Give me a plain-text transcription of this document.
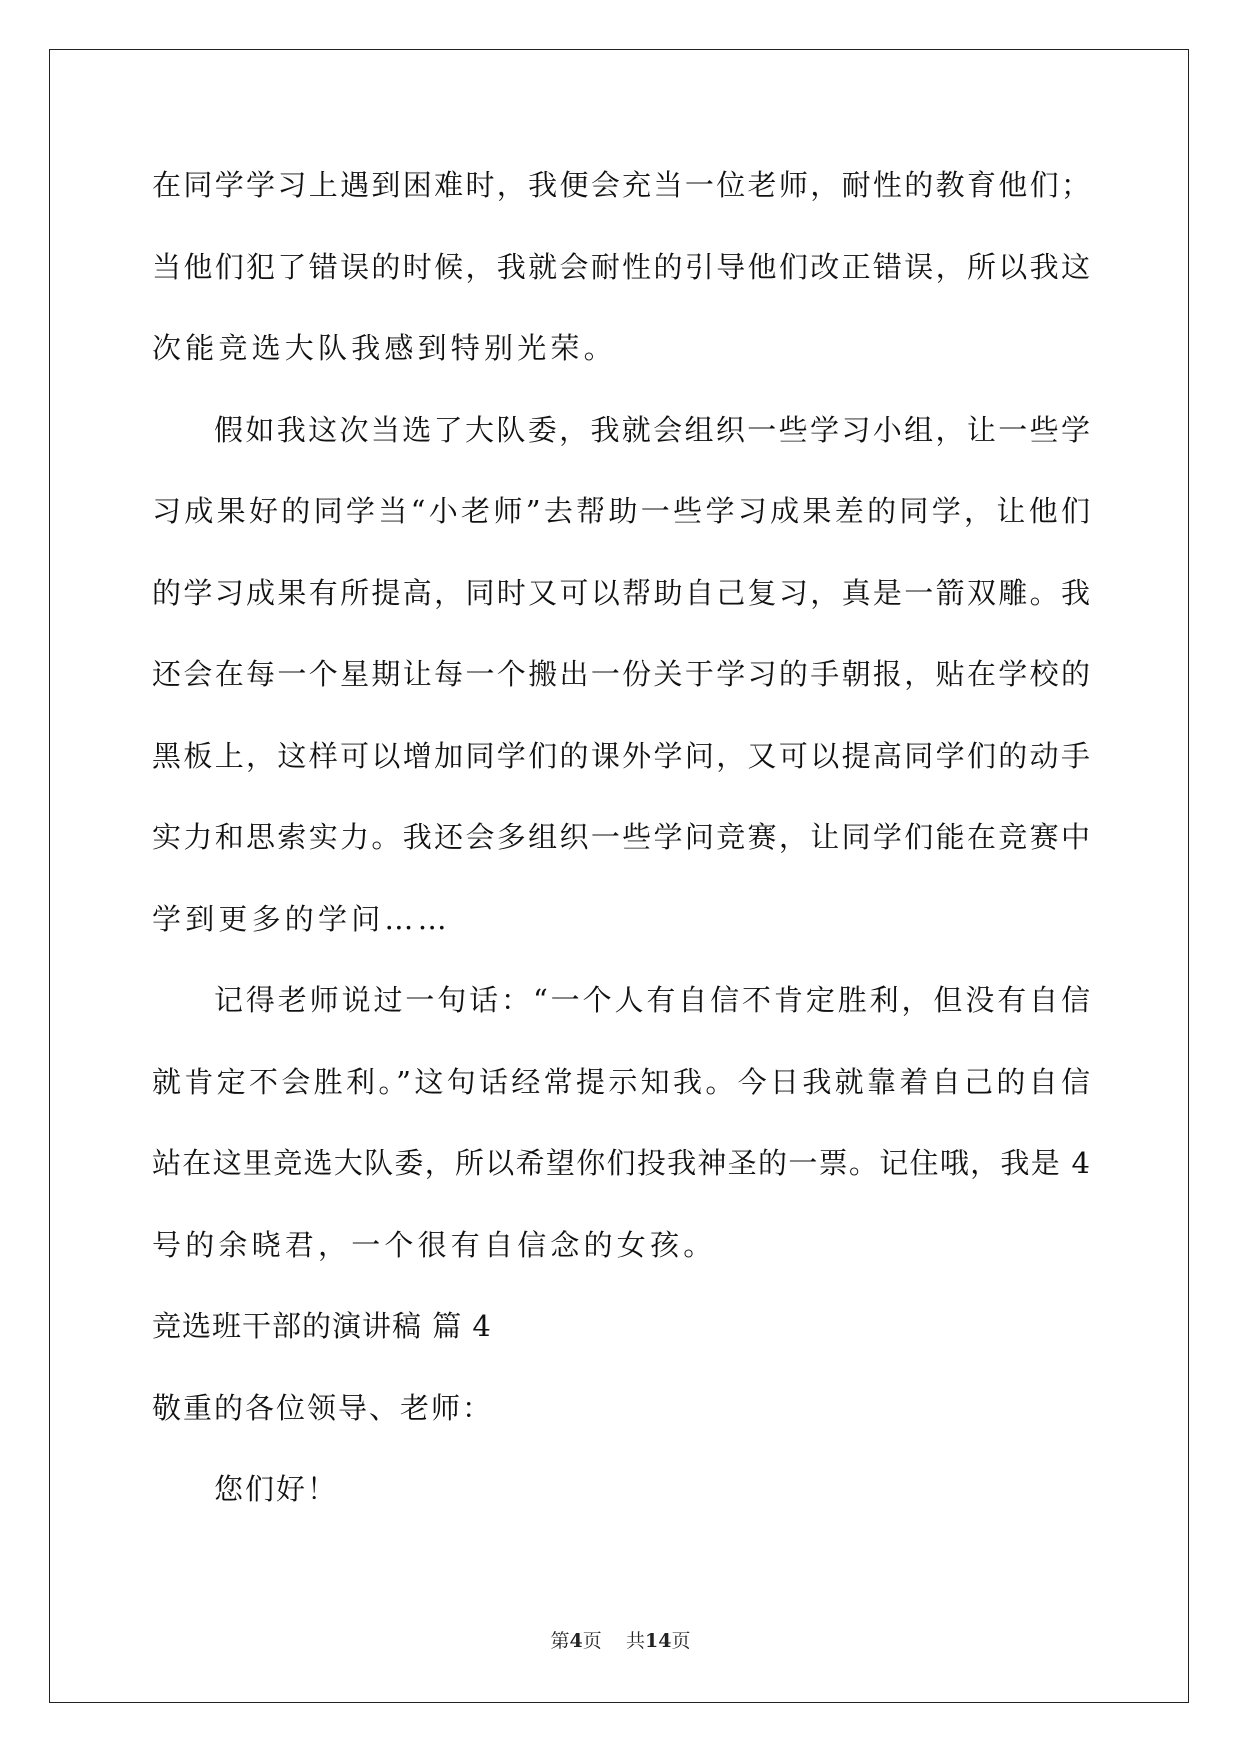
在同学学习上遇到困难时，我便会充当一位老师，耐性的教育他们；
当他们犯了错误的时候，我就会耐性的引导他们改正错误，所以我这
次能竞选大队我感到特别光荣。
假如我这次当选了大队委，我就会组织一些学习小组，让一些学
习成果好的同学当“小老师”去帮助一些学习成果差的同学，让他们
的学习成果有所提高，同时又可以帮助自己复习，真是一箭双雕。我
还会在每一个星期让每一个搬出一份关于学习的手朝报，贴在学校的
黑板上，这样可以增加同学们的课外学问，又可以提高同学们的动手
实力和思索实力。我还会多组织一些学问竞赛，让同学们能在竞赛中
学到更多的学问……
记得老师说过一句话：“一个人有自信不肯定胜利，但没有自信
就肯定不会胜利。”这句话经常提示知我。今日我就靠着自己的自信
站在这里竞选大队委，所以希望你们投我神圣的一票。记住哦，我是 4
号的余晓君，一个很有自信念的女孩。
竞选班干部的演讲稿 篇 4
敬重的各位领导、老师：
您们好！
第4页 共14页
